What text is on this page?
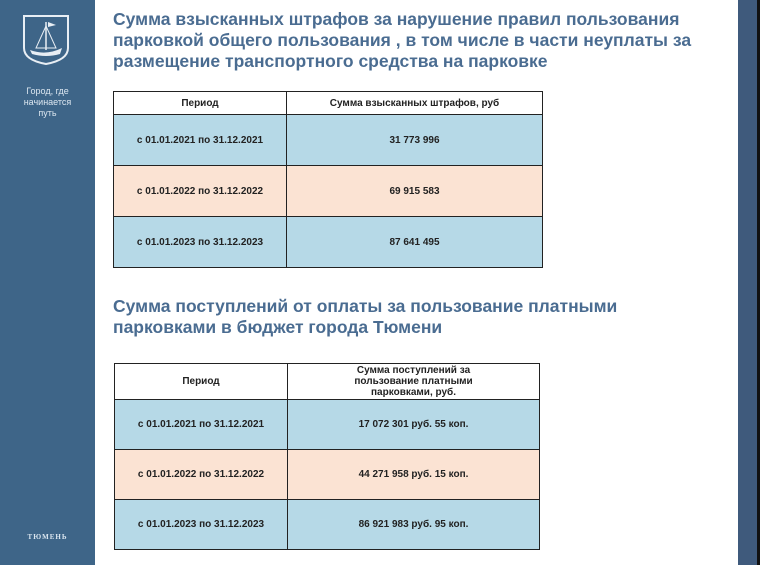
Город, где
начинается
путь
ТЮМЕНЬ
Сумма взысканных штрафов за нарушение правил пользования парковкой общего пользования , в том числе в части неуплаты за размещение транспортного средства на парковке
Период	Сумма взысканных штрафов, руб
с 01.01.2021 по 31.12.2021	31 773 996
с 01.01.2022 по 31.12.2022	69 915 583
с 01.01.2023 по 31.12.2023	87 641 495
Сумма поступлений от оплаты за пользование платными парковками в бюджет города Тюмени
Период	Сумма поступлений за пользование платными парковками, руб.
с 01.01.2021 по 31.12.2021	17 072 301 руб. 55 коп.
с 01.01.2022 по 31.12.2022	44 271 958 руб. 15 коп.
с 01.01.2023 по 31.12.2023	86 921 983 руб. 95 коп.
